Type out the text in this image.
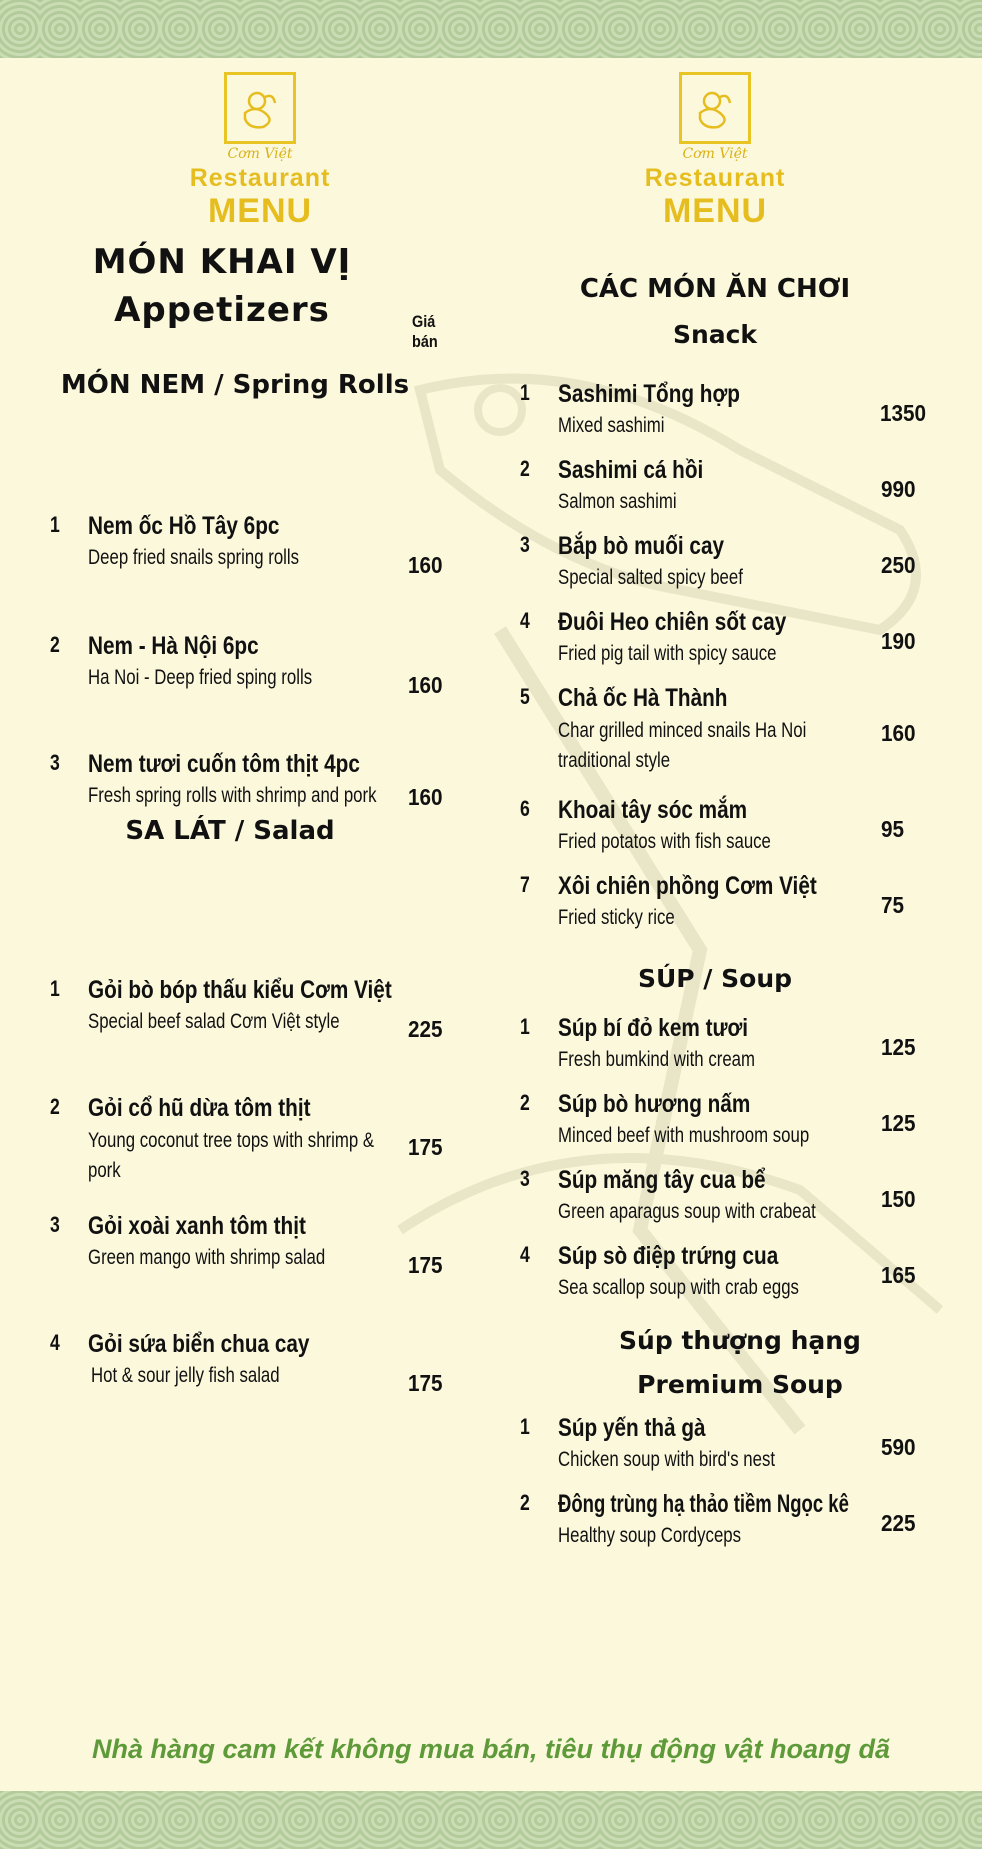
Cơm Việt
Restaurant
MENU
Giá bán
MÓN KHAI VỊ
Appetizers
MÓN NEM / Spring Rolls
1 Nem ốc Hồ Tây 6pc
Deep fried snails spring rolls	160
2 Nem - Hà Nội 6pc
Ha Noi - Deep fried sping rolls	160
3 Nem tươi cuốn tôm thịt 4pc
Fresh spring rolls with shrimp and pork 160
SA LÁT / Salad
1 Gỏi bò bóp thấu kiểu Cơm Việt
Special beef salad Cơm Việt style	225
2 Gỏi cổ hũ dừa tôm thịt
Young coconut tree tops with shrimp & pork
175
3 Gỏi xoài xanh tôm thịt
Green mango with shrimp salad	175
4 Gỏi sứa biển chua cay
Hot & sour jelly fish salad	175
Cơm Việt
Restaurant
MENU
CÁC MÓN ĂN CHƠI
Snack
1 Sashimi Tổng hợp
Mixed sashimi	1350
2 Sashimi cá hồi
Salmon sashimi	990
3 Bắp bò muối cay
Special salted spicy beef	250
4 Đuôi Heo chiên sốt cay
Fried pig tail with spicy sauce	190
5 Chả ốc Hà Thành
Char grilled minced snails Ha Noi traditional style
160
6 Khoai tây sóc mắm
Fried potatos with fish sauce	95
7 Xôi chiên phồng Cơm Việt
Fried sticky rice	75
SÚP / Soup
1 Súp bí đỏ kem tươi
Fresh bumkind with cream	125
2 Súp bò hương nấm
Minced beef with mushroom soup	125
3 Súp măng tây cua bể
Green aparagus soup with crabeat	150
4 Súp sò điệp trứng cua
Sea scallop soup with crab eggs	165
Súp thượng hạng
Premium Soup
1 Súp yến thả gà
Chicken soup with bird's nest	590
2 Đông trùng hạ thảo tiềm Ngọc kê
Healthy soup Cordyceps	225
Nhà hàng cam kết không mua bán, tiêu thụ động vật hoang dã
